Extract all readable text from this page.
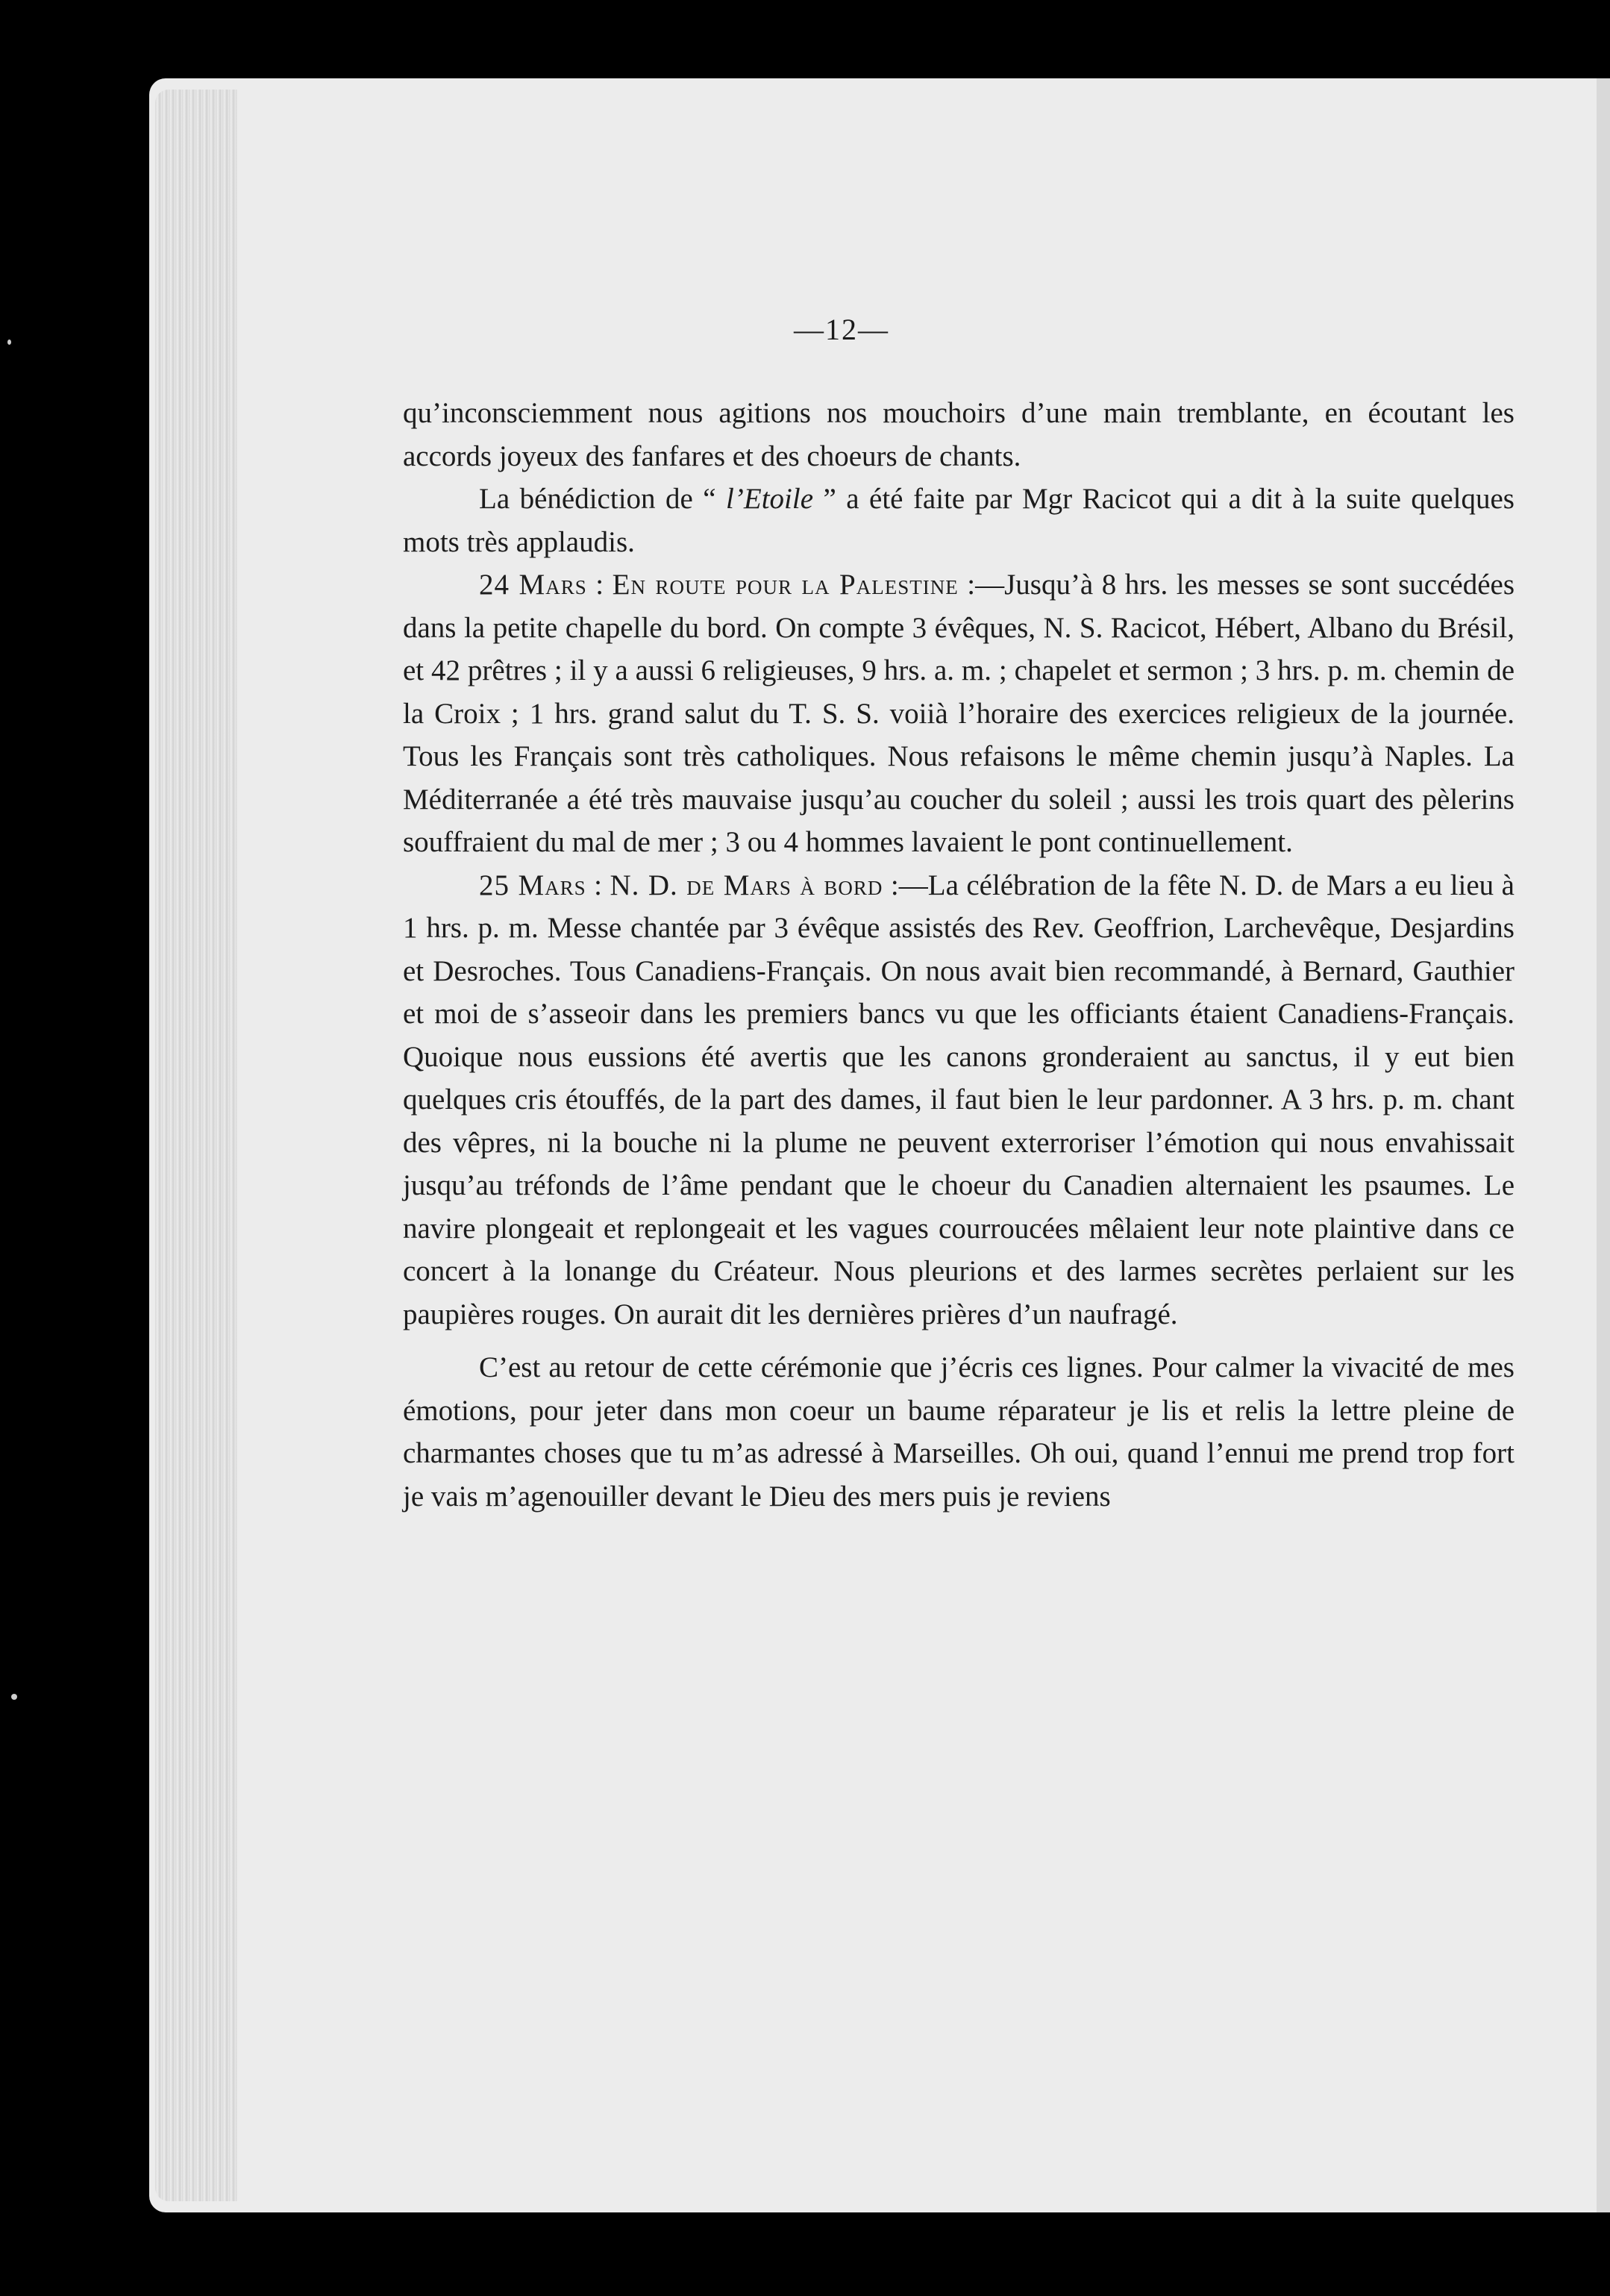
—12—

qu’inconsciemment nous agitions nos mouchoirs d’une main tremblante, en écoutant les accords joyeux des fanfares et des choeurs de chants.

La bénédiction de “ l’Etoile ” a été faite par Mgr Racicot qui a dit à la suite quelques mots très applaudis.

24 Mars : En route pour la Palestine :—Jusqu’à 8 hrs. les messes se sont succédées dans la petite chapelle du bord. On compte 3 évêques, N. S. Racicot, Hébert, Albano du Brésil, et 42 prêtres ; il y a aussi 6 religieuses, 9 hrs. a. m. ; chapelet et sermon ; 3 hrs. p. m. chemin de la Croix ; 1 hrs. grand salut du T. S. S. voiià l’horaire des exercices religieux de la journée. Tous les Français sont très catholiques. Nous refaisons le même chemin jusqu’à Naples. La Méditerranée a été très mauvaise jusqu’au coucher du soleil ; aussi les trois quart des pèlerins souffraient du mal de mer ; 3 ou 4 hommes lavaient le pont continuellement.

25 Mars : N. D. de Mars à bord :—La célébration de la fête N. D. de Mars a eu lieu à 1 hrs. p. m. Messe chantée par 3 évêque assistés des Rev. Geoffrion, Larchevêque, Desjardins et Desroches. Tous Canadiens-Français. On nous avait bien recommandé, à Bernard, Gauthier et moi de s’asseoir dans les premiers bancs vu que les officiants étaient Canadiens-Français. Quoique nous eussions été avertis que les canons gronderaient au sanctus, il y eut bien quelques cris étouffés, de la part des dames, il faut bien le leur pardonner. A 3 hrs. p. m. chant des vêpres, ni la bouche ni la plume ne peuvent exterroriser l’émotion qui nous envahissait jusqu’au tréfonds de l’âme pendant que le choeur du Canadien alternaient les psaumes. Le navire plongeait et replongeait et les vagues courroucées mêlaient leur note plaintive dans ce concert à la lonange du Créateur. Nous pleurions et des larmes secrètes perlaient sur les paupières rouges. On aurait dit les dernières prières d’un naufragé.

C’est au retour de cette cérémonie que j’écris ces lignes. Pour calmer la vivacité de mes émotions, pour jeter dans mon coeur un baume réparateur je lis et relis la lettre pleine de charmantes choses que tu m’as adressé à Marseilles. Oh oui, quand l’ennui me prend trop fort je vais m’agenouiller devant le Dieu des mers puis je reviens
